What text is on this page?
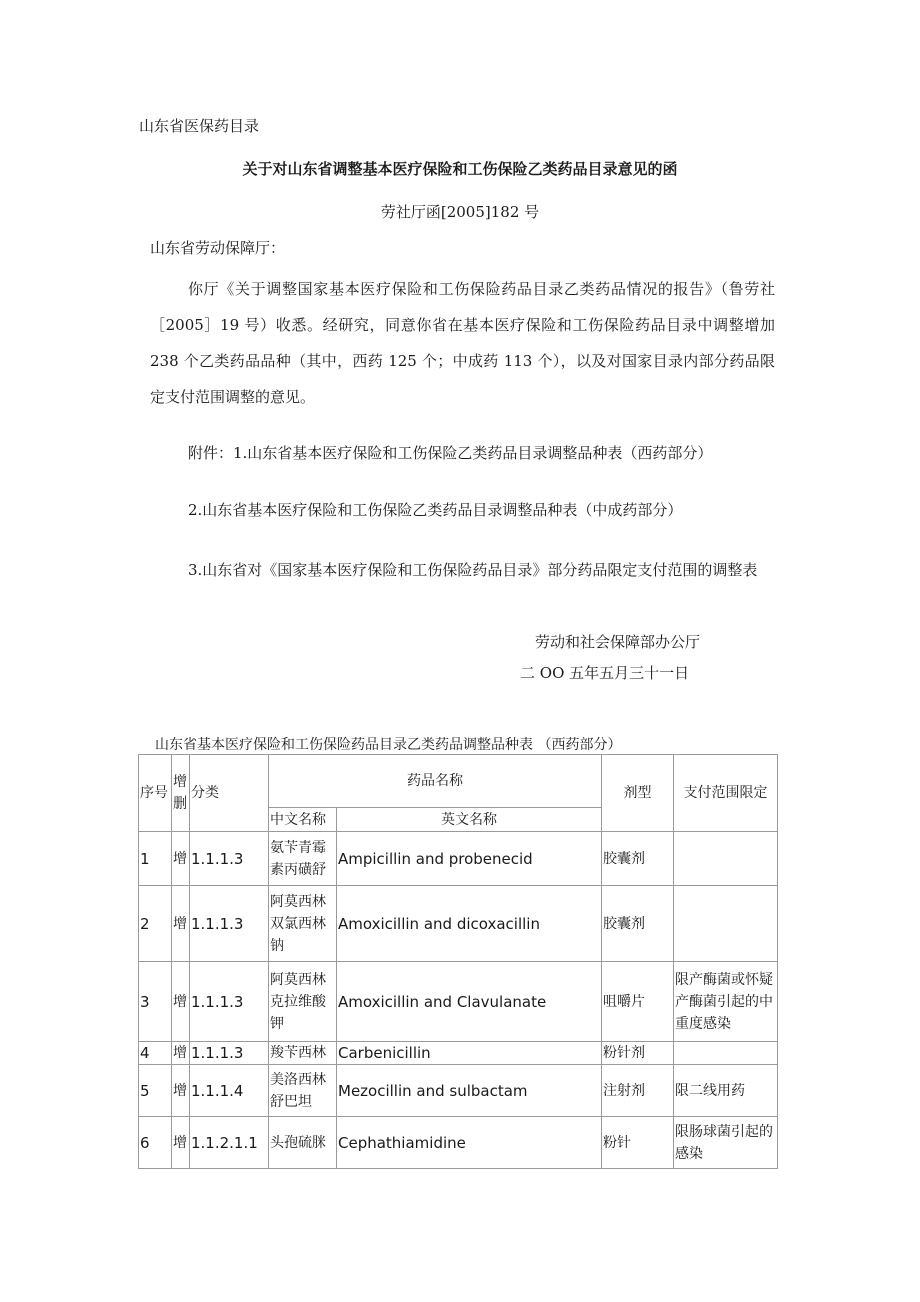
山东省医保药目录
关于对山东省调整基本医疗保险和工伤保险乙类药品目录意见的函
劳社厅函[2005]182 号
山东省劳动保障厅：
你厅《关于调整国家基本医疗保险和工伤保险药品目录乙类药品情况的报告》（鲁劳社［2005］19 号）收悉。经研究，同意你省在基本医疗保险和工伤保险药品目录中调整增加 238 个乙类药品品种（其中，西药 125 个；中成药 113 个），以及对国家目录内部分药品限定支付范围调整的意见。
附件：1.山东省基本医疗保险和工伤保险乙类药品目录调整品种表（西药部分）
2.山东省基本医疗保险和工伤保险乙类药品目录调整品种表（中成药部分）
3.山东省对《国家基本医疗保险和工伤保险药品目录》部分药品限定支付范围的调整表
劳动和社会保障部办公厅
二 OO 五年五月三十一日
山东省基本医疗保险和工伤保险药品目录乙类药品调整品种表 （西药部分）
序号	增删	分类	药品名称		剂型	支付范围限定
			中文名称	英文名称		
1	增	1.1.1.3	氨苄青霉素丙磺舒	Ampicillin and probenecid	胶囊剂	
2	增	1.1.1.3	阿莫西林双氯西林钠	Amoxicillin and dicoxacillin	胶囊剂	
3	增	1.1.1.3	阿莫西林克拉维酸钾	Amoxicillin and Clavulanate	咀嚼片	限产酶菌或怀疑产酶菌引起的中重度感染
4	增	1.1.1.3	羧苄西林	Carbenicillin	粉针剂	
5	增	1.1.1.4	美洛西林舒巴坦	Mezocillin and sulbactam	注射剂	限二线用药
6	增	1.1.2.1.1	头孢硫脒	Cephathiamidine	粉针	限肠球菌引起的感染
